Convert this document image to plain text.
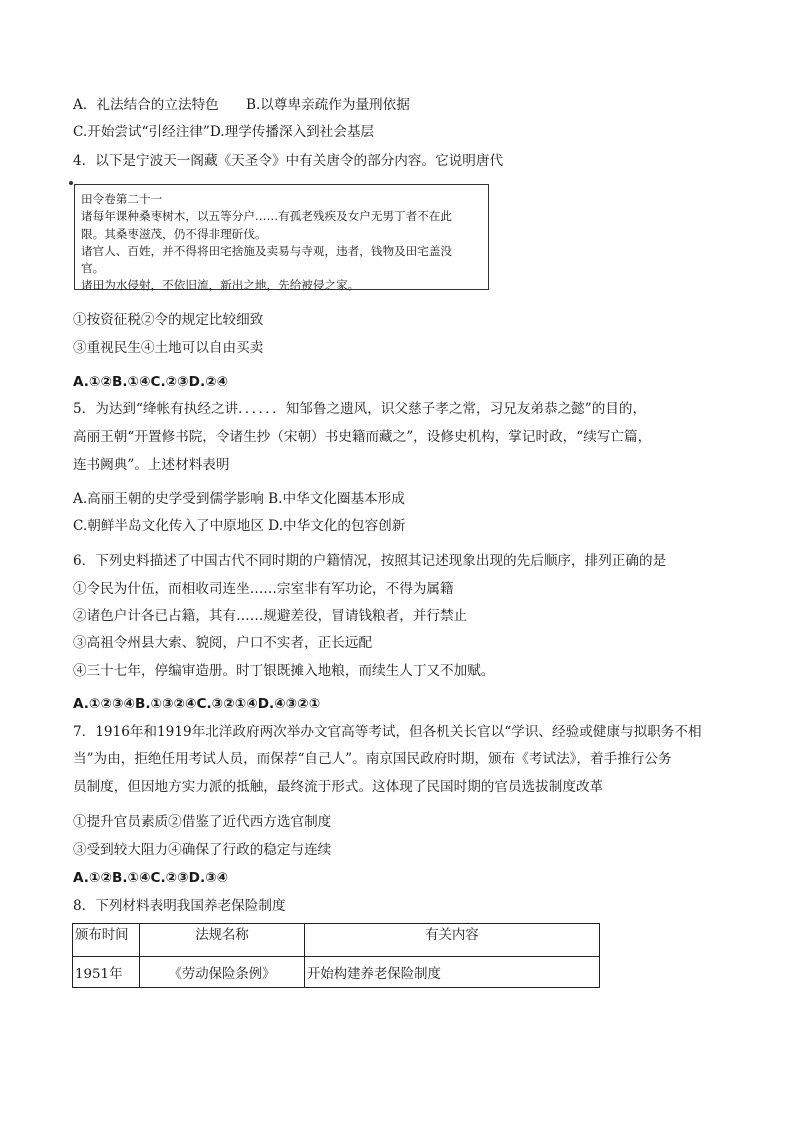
A．礼法结合的立法特色 B.以尊卑亲疏作为量刑依据
C.开始尝试“引经注律”D.理学传播深入到社会基层
4．以下是宁波天一阁藏《天圣令》中有关唐令的部分内容。它说明唐代
田令卷第二十一
诸每年课种桑枣树木，以五等分户……有孤老残疾及女户无男丁者不在此
限。其桑枣滋茂，仍不得非理斫伐。
诸官人、百姓，并不得将田宅捨施及卖易与寺观，违者，钱物及田宅盖没
官。
诸田为水侵射，不依旧流，新出之地，先给被侵之家。
①按资征税②令的规定比较细致
③重视民生④土地可以自由买卖
A.①②B.①④C.②③D.②④
5．为达到“绛帐有执经之讲．．．．．．知邹鲁之遗风，识父慈子孝之常，习兄友弟恭之懿”的目的，
高丽王朝“开置修书院，令诸生抄（宋朝）书史籍而藏之”，设修史机构，掌记时政，“续写亡篇，
连书阙典”。上述材料表明
A.高丽王朝的史学受到儒学影响 B.中华文化圈基本形成
C.朝鲜半岛文化传入了中原地区 D.中华文化的包容创新
6．下列史料描述了中国古代不同时期的户籍情况，按照其记述现象出现的先后顺序，排列正确的是
①令民为什伍，而相收司连坐……宗室非有军功论，不得为属籍
②诸色户计各已占籍，其有……规避差役，冒请钱粮者，并行禁止
③高祖令州县大索、貌阅，户口不实者，正长远配
④三十七年，停编审造册。时丁银既摊入地粮，而续生人丁又不加赋。
A.①②③④B.①③②④C.③②①④D.④③②①
7．1916年和1919年北洋政府两次举办文官高等考试，但各机关长官以“学识、经验或健康与拟职务不相
当”为由，拒绝任用考试人员，而保荐“自己人”。南京国民政府时期，颁布《考试法》，着手推行公务
员制度，但因地方实力派的抵触，最终流于形式。这体现了民国时期的官员选拔制度改革
①提升官员素质②借鉴了近代西方选官制度
③受到较大阻力④确保了行政的稳定与连续
A.①②B.①④C.②③D.③④
8．下列材料表明我国养老保险制度
颁布时间	法规名称	有关内容
1951年	《劳动保险条例》	开始构建养老保险制度
